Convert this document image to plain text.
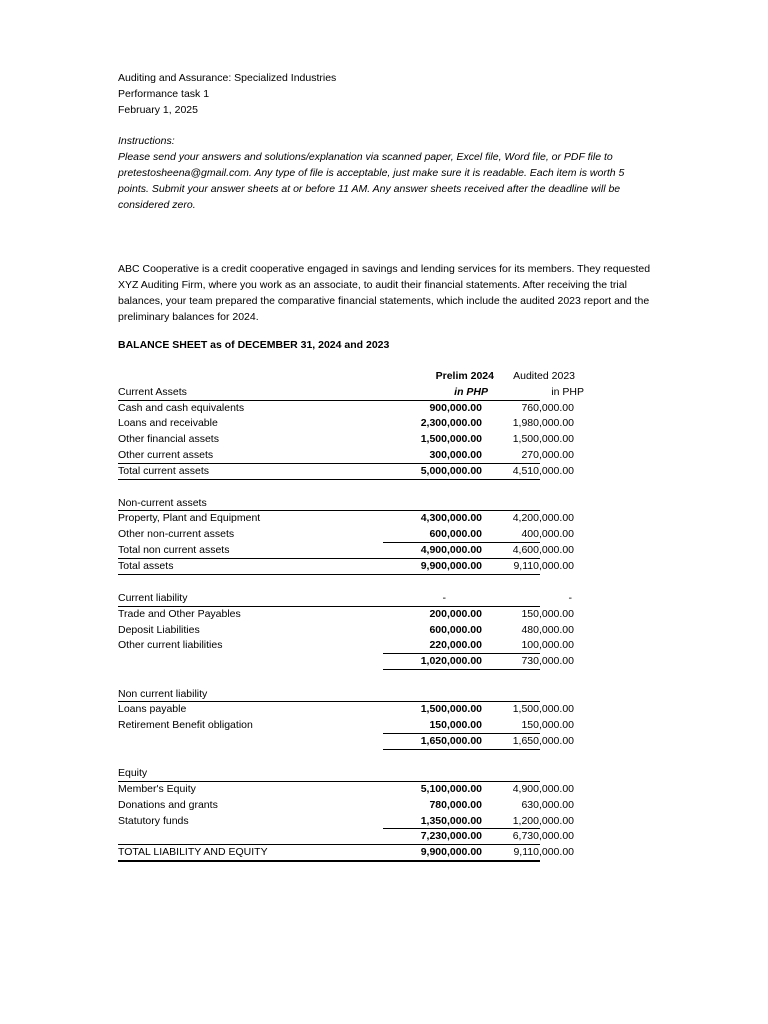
Auditing and Assurance: Specialized Industries
Performance task 1
February 1, 2025
Instructions:
Please send your answers and solutions/explanation via scanned paper, Excel file, Word file, or PDF file to pretestosheena@gmail.com. Any type of file is acceptable, just make sure it is readable. Each item is worth 5 points. Submit your answer sheets at or before 11 AM. Any answer sheets received after the deadline will be considered zero.
ABC Cooperative is a credit cooperative engaged in savings and lending services for its members. They requested XYZ Auditing Firm, where you work as an associate, to audit their financial statements. After receiving the trial balances, your team prepared the comparative financial statements, which include the audited 2023 report and the preliminary balances for 2024.
BALANCE SHEET as of DECEMBER 31, 2024 and 2023
Prelim 2024 Audited 2023
Current Assets	in PHP	in PHP
Cash and cash equivalents	900,000.00	760,000.00
Loans and receivable	2,300,000.00	1,980,000.00
Other financial assets	1,500,000.00	1,500,000.00
Other current assets	300,000.00	270,000.00
Total current assets	5,000,000.00	4,510,000.00
Non-current assets
Property, Plant and Equipment	4,300,000.00	4,200,000.00
Other non-current assets	600,000.00	400,000.00
Total non current assets	4,900,000.00	4,600,000.00
Total assets	9,900,000.00	9,110,000.00
Current liability	-	-
Trade and Other Payables	200,000.00	150,000.00
Deposit Liabilities	600,000.00	480,000.00
Other current liabilities	220,000.00	100,000.00
1,020,000.00	730,000.00
Non current liability
Loans payable	1,500,000.00	1,500,000.00
Retirement Benefit obligation	150,000.00	150,000.00
1,650,000.00	1,650,000.00
Equity
Member's Equity	5,100,000.00	4,900,000.00
Donations and grants	780,000.00	630,000.00
Statutory funds	1,350,000.00	1,200,000.00
7,230,000.00	6,730,000.00
TOTAL LIABILITY AND EQUITY	9,900,000.00	9,110,000.00
